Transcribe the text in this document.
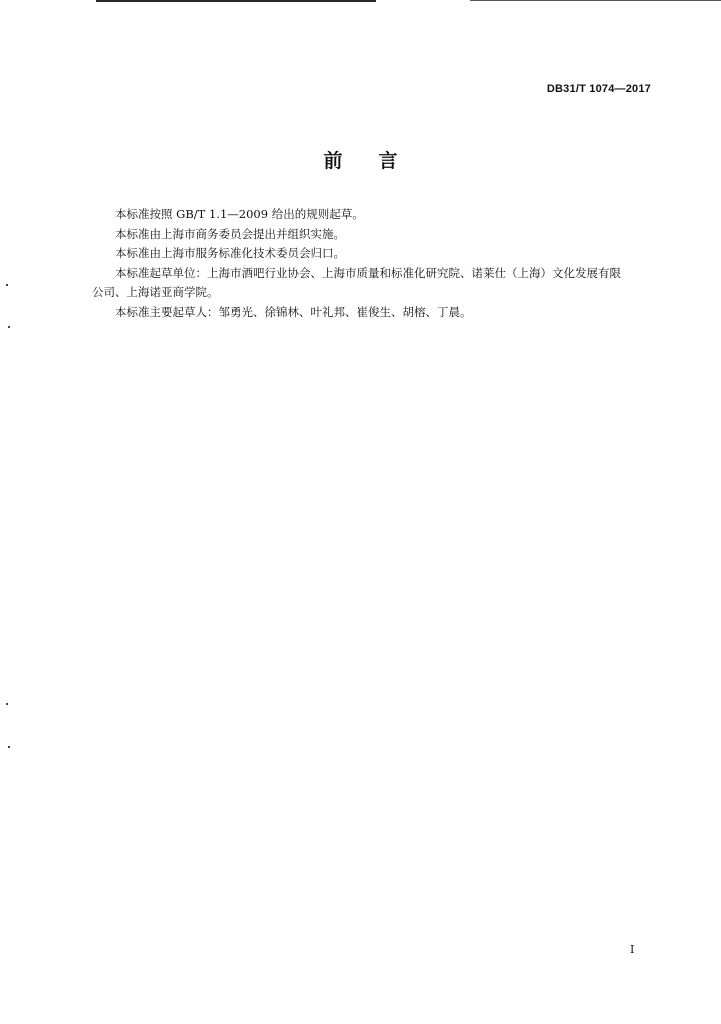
DB31/T 1074—2017
前言

本标准按照 GB/T 1.1—2009 给出的规则起草。

本标准由上海市商务委员会提出并组织实施。

本标准由上海市服务标准化技术委员会归口。

本标准起草单位：上海市酒吧行业协会、上海市质量和标准化研究院、诺莱仕（上海）文化发展有限
公司、上海诺亚商学院。

本标准主要起草人：邹勇光、徐锦林、叶礼邦、崔俊生、胡榕、丁晨。

I
